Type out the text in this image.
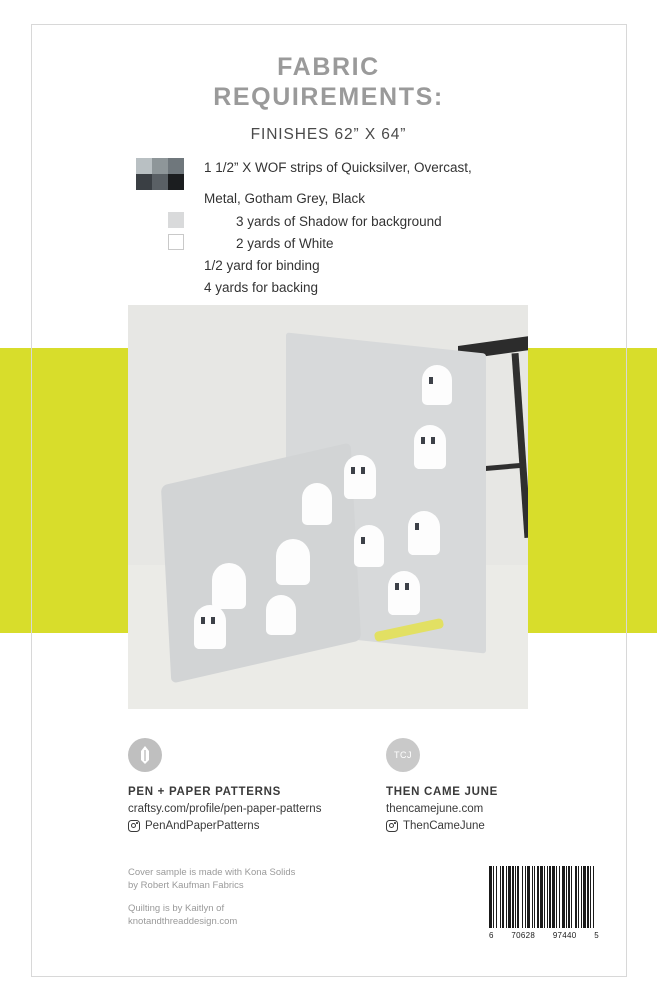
FABRIC
REQUIREMENTS:
FINISHES 62” X 64”
1 1/2” X WOF strips of Quicksilver, Overcast,
Metal, Gotham Grey, Black
3 yards of Shadow for background
2 yards of White
1/2 yard for binding
4 yards for backing
PEN + PAPER PATTERNS
craftsy.com/profile/pen-paper-patterns
PenAndPaperPatterns
TCJ
THEN CAME JUNE
thencamejune.com
ThenCameJune
Cover sample is made with Kona Solids
by Robert Kaufman Fabrics
Quilting is by Kaitlyn of
knotandthreaddesign.com
6 70628 97440 5
